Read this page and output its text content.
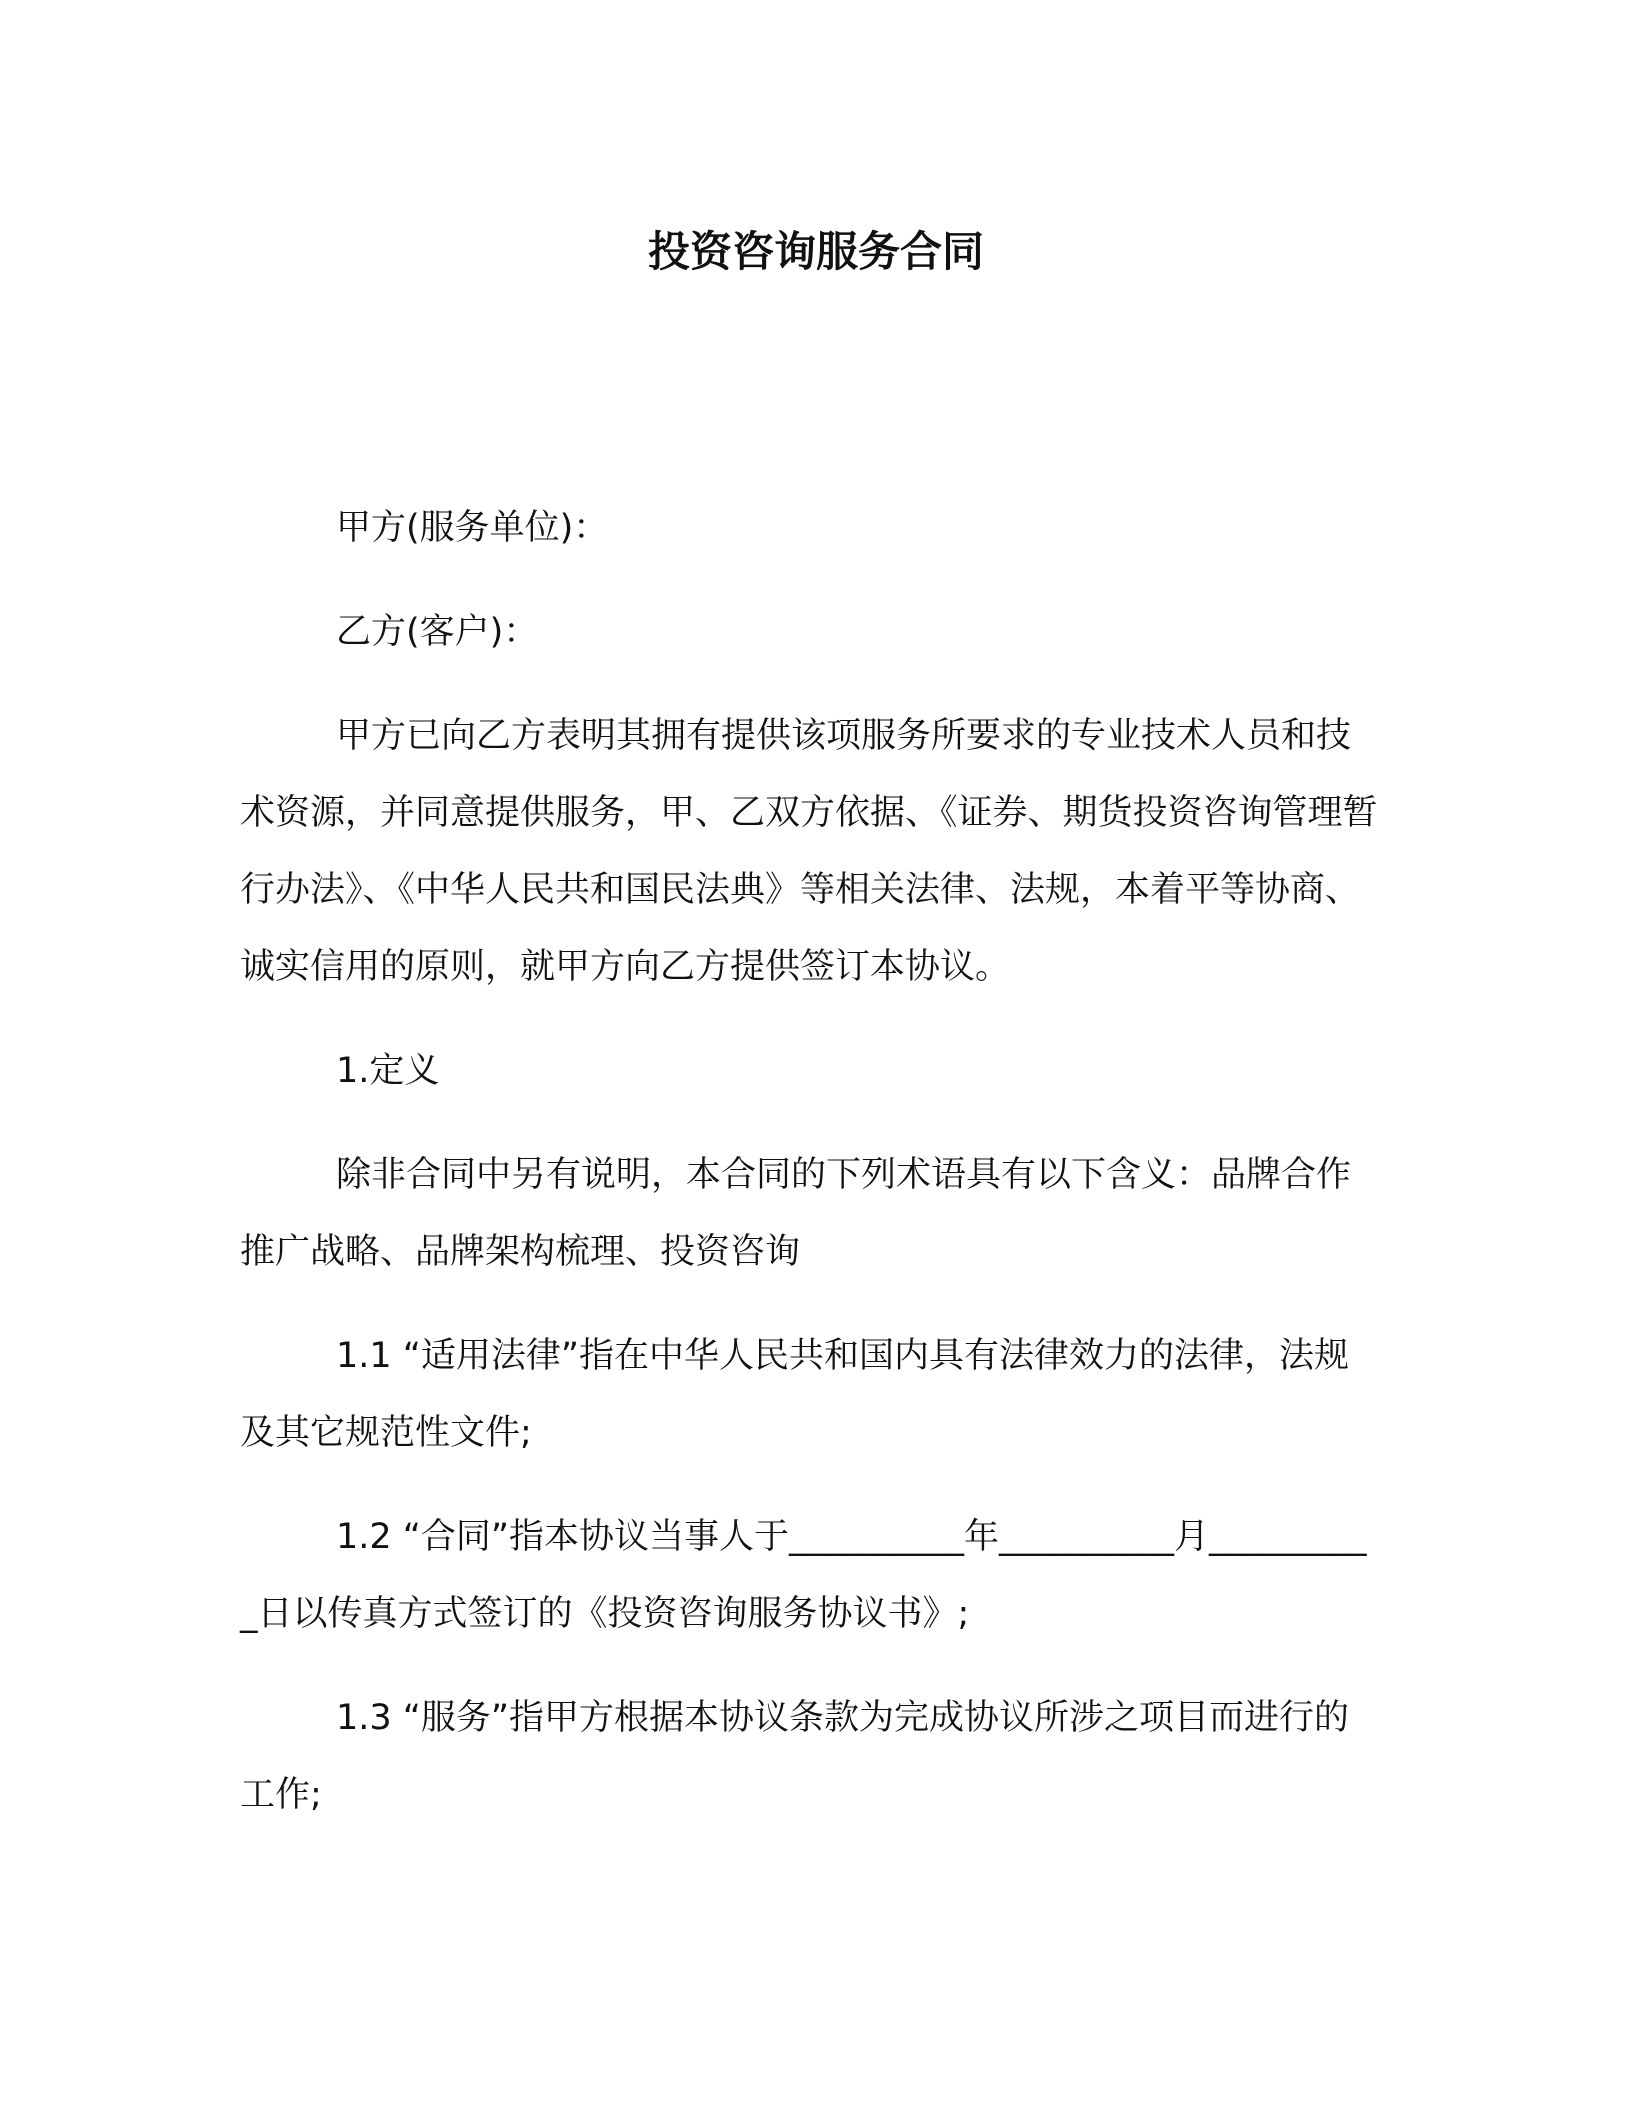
投资咨询服务合同

甲方(服务单位)：

乙方(客户)：

甲方已向乙方表明其拥有提供该项服务所要求的专业技术人员和技术资源，并同意提供服务，甲、乙双方依据、《证券、期货投资咨询管理暂行办法》、《中华人民共和国民法典》等相关法律、法规，本着平等协商、诚实信用的原则，就甲方向乙方提供签订本协议。

1.定义

除非合同中另有说明，本合同的下列术语具有以下含义：品牌合作推广战略、品牌架构梳理、投资咨询

1.1 “适用法律”指在中华人民共和国内具有法律效力的法律，法规及其它规范性文件;

1.2 “合同”指本协议当事人于__________年__________月__________日以传真方式签订的《投资咨询服务协议书》;

1.3 “服务”指甲方根据本协议条款为完成协议所涉之项目而进行的工作;
